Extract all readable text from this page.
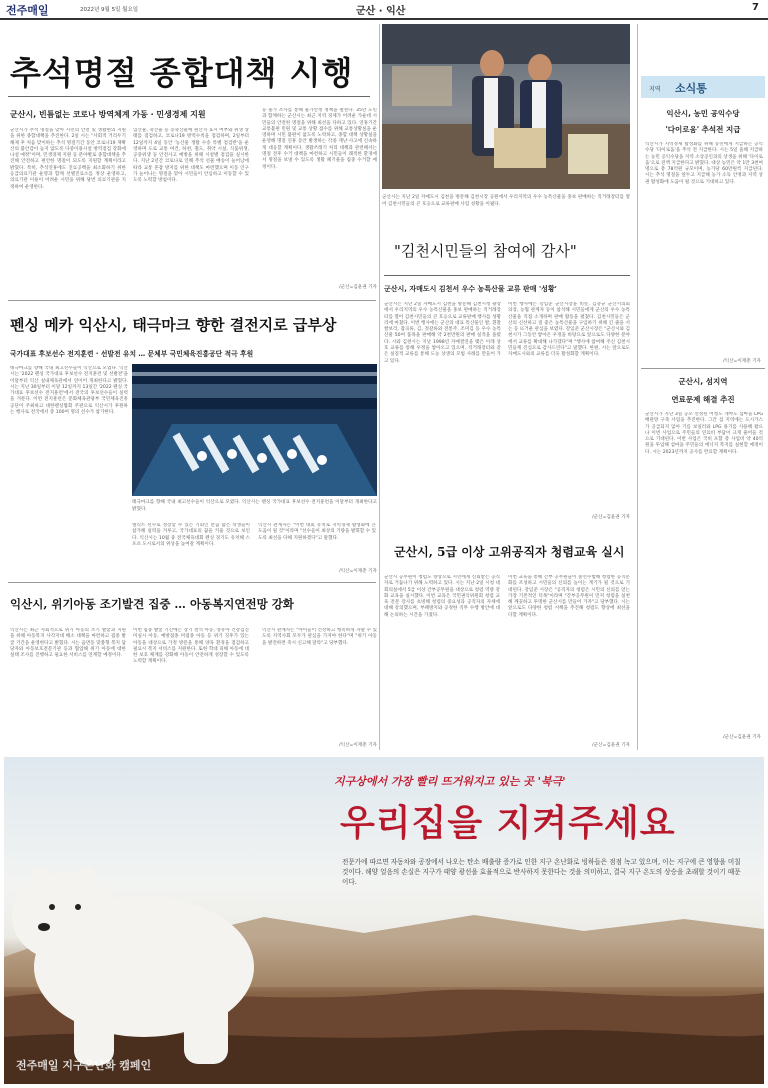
전주매일	2022년 9월 5일 월요일	군산 · 익산	7
추석명절 종합대책 시행
군산시, 빈틈없는 코로나 방역체계 가동 · 민생경제 지원
군산시가 추석 명절을 맞아 시민의 안전 및 생활편의 지원을 위한 종합대책을 추진한다. 2일 시는 "사회적 거리두기 해제 후 처음 맞이하는 추석 명절기간 동안 코로나19 재확산의 불안감이 높지 않도록 다중이용시설 방역점검 강화에 나설 예정"이며, 민생경제 지원 등 분야별로 종합대책을 추진해 안전하고 편안한 명절이 되도록 지원할 계획이라고 밝혔다. 특히, 추석연휴에도 진료공백을 최소화하기 위한 응급의료기관 운영과 함께 선별진료소를 정상 운영하고, 의료기관 이용이 어려운 시민을 위해 당번 의료기관을 지정하여 운영한다.
임산물, 축산물 등 농축산물에 원산지 표시 여부와 위생 상태를 점검하고, 코로나19 방역수칙을 점검하며, 2일부터 12일까지 4일 동안 '농산물 생활 수송 특별 점검반'을 운영하며 도로 교통 여건, 하천, 철도, 취약 시설, 식품위생, 공중위생 등 안전사고 예방을 위해 시설별 점검을 실시한다. 지난 2년간 코로나로 인해 추석 선물 배송이 늘어남에 따라 교통 혼잡 방지를 위한 대책도 마련했으며 이동 인구가 늘어나는 명절을 맞아 시민들이 안심하고 이동할 수 있도록 노력할 방침이다.
등 물가 조사를 통해 물가안정 정책을 펼친다. 35만 도민과 함께하는 군산시는 최근 지역 경제가 어려운 가운데 시민들의 안전한 명절을 위해 최선을 다하고 있다. 연휴기간 교통불편 민원 및 교통 상황 접수를 위해 교통상황실을 운영하며 시민 불편이 없도록 노력하고, 종합 대책 상황실을 운영해 명절 연휴 동안 발생하는 각종 재난·사고에 신속하게 대응할 계획이다. 생활쓰레기 처리 대책과 관련해서는 명절 전후 수거 대책을 마련하고 시민들이 쾌적한 환경에서 명절을 보낼 수 있도록 생활 폐기물을 집중 수거할 예정이다.
/군산=김윤권 기자
군산시는 지난 2일 자매도시 김천을 방문해 김천시장 공원에서 우리지역의 우수 농특산물을 홍보 판매하는 직거래장터를 열어 김천시민들의 큰 호응으로 교류판매 사업 성황을 이뤘다.
"김천시민들의 참여에 감사"
군산시, 자매도시 김천서 우수 농특산물 교류 판매 '성황'
군산시는 지난 2일 자매도시 김천을 방문해 김천시청 광장에서 우리지역의 우수 농특산물을 홍보 판매하는 직거래장터를 열어 김천시민들의 큰 호응으로 교류판매 행사를 성황리에 마쳤다. 이번 행사에는 군산의 대표 특산물인 쌀, 흰찰쌀보리, 잡곡류, 김, 젓갈류와 전통주, 조미김 등 우수 농특산물 50여 품목을 판매해 약 2천만원의 판매 실적을 올렸다. 시와 김천시는 지난 1998년 자매결연을 맺은 이래 상호 교류를 통해 우정을 쌓아오고 있으며, 직거래장터와 같은 실질적 교류를 통해 도농 상생의 모범 사례를 만들어 가고 있다.
이번 행사에는 강임준 군산시장을 비롯, 김충규 군산시의회 의장, 농협 관계자 등이 참석해 시민들에게 군산의 우수 농특산물을 직접 소개하며 판매 활동을 펼쳤다. 김천시민들은 군산의 신선하고 질 좋은 농특산물을 구입하기 위해 긴 줄을 서는 등 뜨거운 관심을 보였다. 강임준 군산시장은 "군산시와 김천시가 그동안 쌓아온 우정을 바탕으로 앞으로도 다양한 분야에서 교류를 확대해 나가겠다"며 "행사에 참여해 주신 김천시민들께 진심으로 감사드린다"고 말했다. 한편, 시는 앞으로도 자매도시와의 교류를 더욱 활성화할 계획이다.
/군산=김윤권 기자
군산시, 5급 이상 고위공직자 청렴교육 실시
군산시 공무원이 청렴도 향상으로 시민에게 신뢰받는 공직자로 거듭나기 위해 노력하고 있다. 시는 지난 2일 시청 대회의실에서 5급 이상 간부공무원을 대상으로 청렴 역량 강화 교육을 실시했다. 이번 교육은 국민권익위원회 청렴 교육 전문 강사를 초빙해 청렴의 중요성과 공직자의 자세에 대해 강의했으며, 부패방지와 공정한 직무 수행 방안에 대해 논의하는 시간을 가졌다.
이번 교육을 통해 간부 공무원들이 솔선수범해 청렴한 공직문화를 조성하고 시민들의 신뢰를 높이는 계기가 될 것으로 기대된다. 강임준 시장은 "공직자의 청렴은 시민의 신뢰를 얻는 가장 기본적인 덕목"이라며 "간부공무원이 먼저 청렴을 실천해 깨끗하고 투명한 군산시를 만들어 가자"고 당부했다. 시는 앞으로도 다양한 청렴 시책을 추진해 청렴도 향상에 최선을 다할 계획이다.
/군산=김윤권 기자
펜싱 메카 익산시, 태극마크 향한 결전지로 급부상
국가대표 후보선수 전지훈련 · 선발전 유치 … 문체부 국민체육진흥공단 적극 후원
태극마크를 향해 국내 최고선수들이 익산으로 모였다. 익산시는 '2022 펜싱 국가대표 후보선수 전지훈련 및 선발전'을 이달부터 익산 실내체육관에서 연이어 개최한다고 밝혔다. 시는 지난 30일부터 이달 12일까지 13일간 '2022 펜싱 국가대표 후보선수 전지훈련'에서 전국의 후보선수들이 실력을 겨룬다. 이번 전지훈련은 문화체육관광부 국민체육진흥공단이 주최하고 대한펜싱협회 주관으로 익산시가 후원하는 행사로 전국에서 총 100여 명의 선수가 참가한다.
태극마크를 향해 국내 최고선수들이 익산으로 모였다. 익산시는 펜싱 국가대표 후보선수 전지훈련을 이달부터 개최한다고 밝혔다.
엘리트 선수로 성장할 수 있는 기회인 만큼 많은 학생들이 참가해 실력을 겨루고, 국가대표의 꿈을 키울 것으로 보인다. 익산시는 10월 중 전국체육대회 펜싱 경기도 유치해 스포츠 도시로서의 위상을 높여갈 계획이다.
익산시 관계자는 "이번 대회 유치로 지역경제 활성화에 큰 도움이 될 것"이라며 "선수들이 최상의 기량을 발휘할 수 있도록 최선을 다해 지원하겠다"고 말했다.
/익산=이재춘 기자
익산시, 위기아동 조기발견 집중 … 아동복지연전망 강화
익산시는 최근 사회적으로 위기 아동의 조기 발굴과 지원을 위해 아동복지 사각지대 해소 대책을 마련하고 집중 발굴 기간을 운영한다고 밝혔다. 시는 읍면동 맞춤형 복지 담당자와 아동보호전문기관 등과 협업해 위기 아동에 대한 실태 조사를 진행하고 필요한 서비스를 연계할 예정이다.
이번 집중 발굴 기간에는 장기 결석 아동, 영유아 건강검진 미실시 아동, 예방접종 미접종 아동 등 위기 징후가 있는 아동을 대상으로 가정 방문을 통해 양육 환경을 점검하고 필요시 복지 서비스를 지원한다. 또한 학대 피해 아동에 대한 보호 체계를 강화해 아동이 안전하게 성장할 수 있도록 노력할 계획이다.
익산시 관계자는 "아이들이 건강하고 행복하게 자랄 수 있도록 지역사회 모두가 관심을 가져야 한다"며 "위기 아동을 발견하면 즉시 신고해 달라"고 당부했다.
/익산=이재춘 기자
지역 소식통
익산시, 농민 공익수당
'다이로움' 추석전 지급
익산시가 지역경제 활성화를 위해 농민에게 지급하는 공익수당 '다이로움'을 추석 전 지급한다. 시는 5일 올해 지급하는 농민 공익수당을 지역 소상공인과의 상생을 위해 '다이로움'으로 전액 지급한다고 밝혔다. 대상 농민은 약 1만 3천여 명으로 총 78억원 규모이며, 농가당 60만원씩 지급된다. 시는 추석 명절을 앞두고 지급해 농가 소득 안정과 지역 상권 활성화에 도움이 될 것으로 기대하고 있다.
/익산=이재춘 기자
군산시, 섬지역
연료문제 해결 추진
군산시가 지난 3일 공모 선정된 어청도 개야도 섬마을 LPG 배관망 구축 사업을 추진한다. 그간 섬 지역에는 도시가스가 공급되지 않아 기름 보일러와 LPG 용기를 사용해 왔으나 이번 사업으로 주민들의 연료비 부담이 크게 줄어들 것으로 기대된다. 이번 사업은 국비 포함 총 사업비 약 40억원을 투입해 섬마을 주민들의 에너지 복지를 실현할 예정이다. 시는 2023년까지 공사를 완료할 계획이다.
/군산=김윤권 기자
지구상에서 가장 빨리 뜨거워지고 있는 곳 '북극'
우리집을 지켜주세요
전문가에 따르면 자동차와 공장에서 나오는 탄소 배출량 증가로 인한 지구 온난화로 빙하들은 점점 녹고 있으며, 이는 지구에 큰 영향을 미칠 것이다. 해양 얼음의 손실은 지구가 태양 광선을 효율적으로 반사하지 못한다는 것을 의미하고, 결국 지구 온도의 상승을 초래할 것이기 때문이다.
전주매일 지구온난화 캠페인
